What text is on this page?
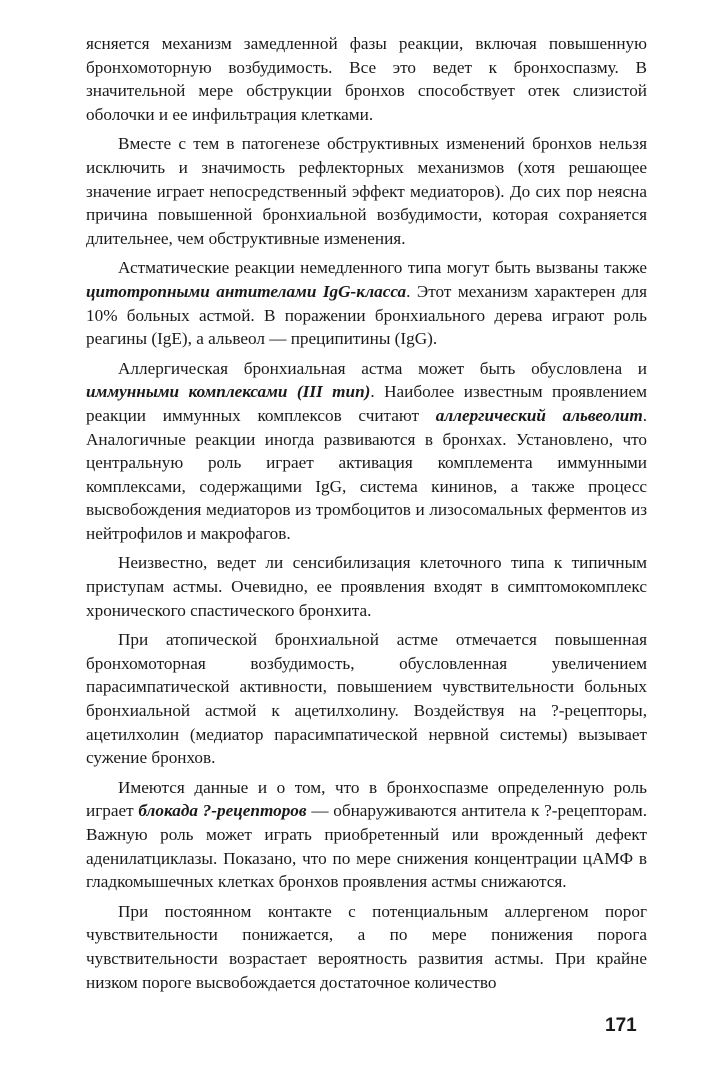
ясняется механизм замедленной фазы реакции, включая повышенную бронхомоторную возбудимость. Все это ведет к бронхоспазму. В значительной мере обструкции бронхов способствует отек слизистой оболочки и ее инфильтрация клетками.

Вместе с тем в патогенезе обструктивных изменений бронхов нельзя исключить и значимость рефлекторных механизмов (хотя решающее значение играет непосредственный эффект медиаторов). До сих пор неясна причина повышенной бронхиальной возбудимости, которая сохраняется длительнее, чем обструктивные изменения.

Астматические реакции немедленного типа могут быть вызваны также цитотропными антителами IgG-класса. Этот механизм характерен для 10% больных астмой. В поражении бронхиального дерева играют роль реагины (IgE), а альвеол — преципитины (IgG).

Аллергическая бронхиальная астма может быть обусловлена и иммунными комплексами (III тип). Наиболее известным проявлением реакции иммунных комплексов считают аллергический альвеолит. Аналогичные реакции иногда развиваются в бронхах. Установлено, что центральную роль играет активация комплемента иммунными комплексами, содержащими IgG, система кининов, а также процесс высвобождения медиаторов из тромбоцитов и лизосомальных ферментов из нейтрофилов и макрофагов.

Неизвестно, ведет ли сенсибилизация клеточного типа к типичным приступам астмы. Очевидно, ее проявления входят в симптомокомплекс хронического спастического бронхита.

При атопической бронхиальной астме отмечается повышенная бронхомоторная возбудимость, обусловленная увеличением парасимпатической активности, повышением чувствительности больных бронхиальной астмой к ацетилхолину. Воздействуя на ?-рецепторы, ацетилхолин (медиатор парасимпатической нервной системы) вызывает сужение бронхов.

Имеются данные и о том, что в бронхоспазме определенную роль играет блокада ?-рецепторов — обнаруживаются антитела к ?-рецепторам. Важную роль может играть приобретенный или врожденный дефект аденилатциклазы. Показано, что по мере снижения концентрации цАМФ в гладкомышечных клетках бронхов проявления астмы снижаются.

При постоянном контакте с потенциальным аллергеном порог чувствительности понижается, а по мере понижения порога чувствительности возрастает вероятность развития астмы. При крайне низком пороге высвобождается достаточное количество

171
